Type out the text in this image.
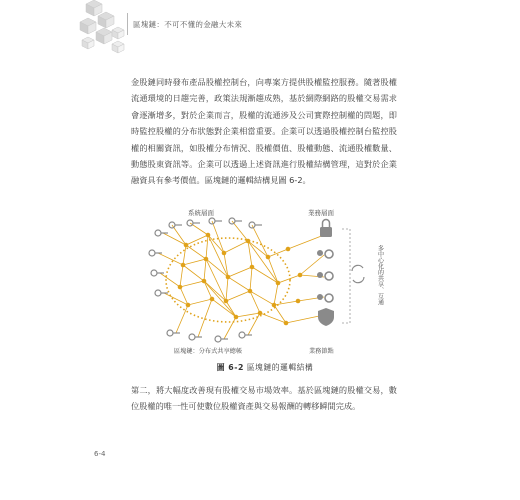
區塊鏈：不可不懂的金融大未來
金股鏈同時發布產品股權控制台，向專案方提供股權監控服務。隨著股權流通環境的日趨完善，政策法規漸趨成熟，基於網際網路的股權交易需求會逐漸增多，對於企業而言，股權的流通涉及公司實際控制權的問題，即時監控股權的分布狀態對企業相當重要。企業可以透過股權控制台監控股權的相關資訊，如股權分布情況、股權價值、股權動態、流通股權數量、動態股東資訊等。企業可以透過上述資訊進行股權結構管理，這對於企業融資具有參考價值。區塊鏈的邏輯結構見圖 6-2。
系統層面	業務層面
多中心化的共享、互通
區塊鏈：分布式共享總帳	業務節點
圖 6-2 區塊鏈的邏輯結構
第二，將大幅度改善現有股權交易市場效率。基於區塊鏈的股權交易，數位股權的唯一性可使數位股權資產與交易報酬的轉移瞬間完成。
6-4
